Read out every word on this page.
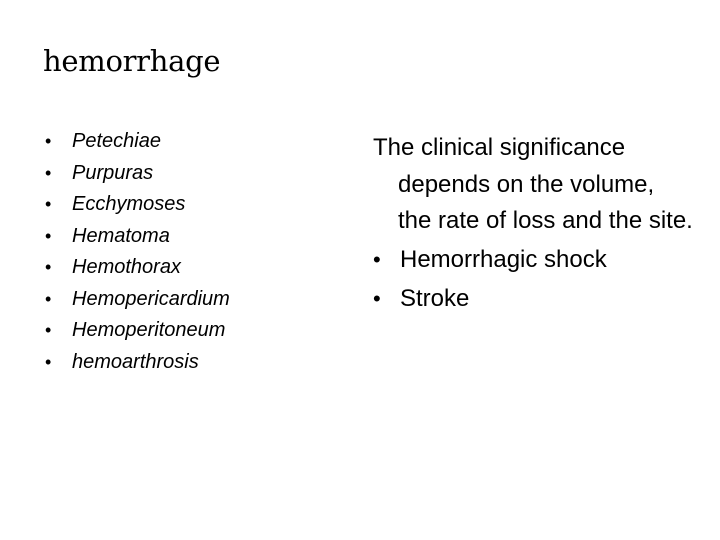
hemorrhage
• Petechiae
• Purpuras
• Ecchymoses
• Hematoma
• Hemothorax
• Hemopericardium
• Hemoperitoneum
• hemoarthrosis

The clinical significance depends on the volume, the rate of loss and the site.

• Hemorrhagic shock
• Stroke
